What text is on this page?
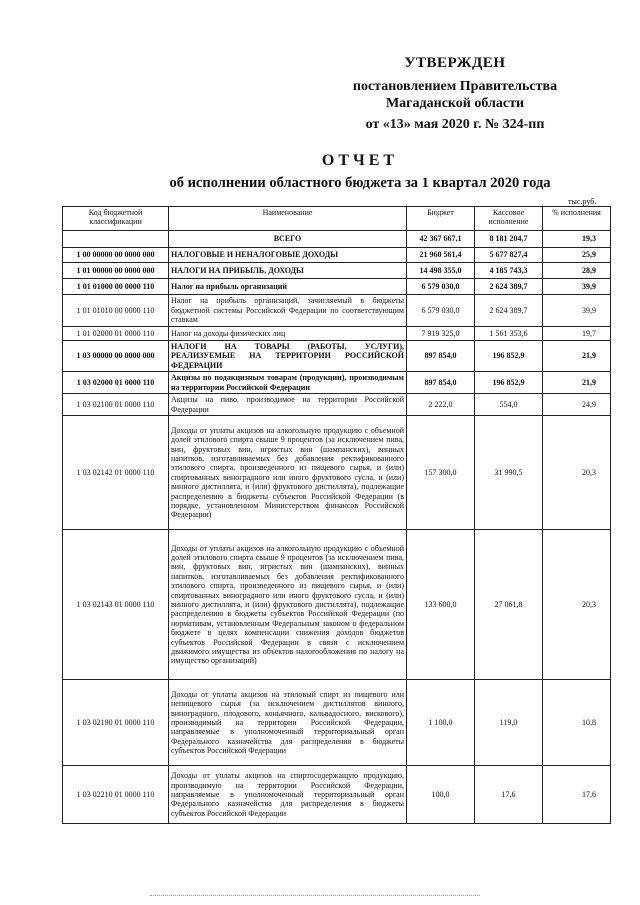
УТВЕРЖДЕН
постановлением Правительства
Магаданской области
от «13» мая 2020 г. № 324-пп
ОТЧЕТ
об исполнении областного бюджета за 1 квартал 2020 года
тыс.руб.
Код бюджетной классификации	Наименование	Бюджет	Кассовое исполнение	% исполнения
	ВСЕГО	42 367 667,1	8 181 204,7	19,3
1 00 00000 00 0000 000	НАЛОГОВЫЕ И НЕНАЛОГОВЫЕ ДОХОДЫ	21 960 561,4	5 677 827,4	25,9
1 01 00000 00 0000 000	НАЛОГИ НА ПРИБЫЛЬ, ДОХОДЫ	14 498 355,0	4 185 743,3	28,9
1 01 01000 00 0000 110	Налог на прибыль организаций	6 579 030,0	2 624 389,7	39,9
1 01 01010 00 0000 110	Налог на прибыль организаций, зачисляемый в бюджеты бюджетной системы Российской Федерации по соответствующим ставкам	6 579 030,0	2 624 389,7	39,9
1 01 02000 01 0000 110	Налог на доходы физических лиц	7 919 325,0	1 561 353,6	19,7
1 03 00000 00 0000 000	НАЛОГИ НА ТОВАРЫ (РАБОТЫ, УСЛУГИ), РЕАЛИЗУЕМЫЕ НА ТЕРРИТОРИИ РОССИЙСКОЙ ФЕДЕРАЦИИ	897 854,0	196 852,9	21,9
1 03 02000 01 0000 110	Акцизы по подакцизным товарам (продукции), производимым на территории Российской Федерации	897 854,0	196 852,9	21,9
1 03 02100 01 0000 110	Акцизы на пиво, производимое на территории Российской Федерации	2 222,0	554,0	24,9
1 03 02142 01 0000 110	Доходы от уплаты акцизов на алкогольную продукцию с объемной долей этилового спирта свыше 9 процентов (за исключением пива, вин, фруктовых вин, игристых вин (шампанских), винных напитков, изготавливаемых без добавления ректификованного этилового спирта, произведенного из пищевого сырья, и (или) спиртованных виноградного или иного фруктового сусла, и (или) винного дистиллята, и (или) фруктового дистиллята), подлежащие распределению в бюджеты субъектов Российской Федерации (в порядке, установленном Министерством финансов Российской Федерации)	157 300,0	31 990,5	20,3
1 03 02143 01 0000 110	Доходы от уплаты акцизов на алкогольную продукцию с объемной долей этилового спирта свыше 9 процентов (за исключением пива, вин, фруктовых вин, игристых вин (шампанских), винных напитков, изготавливаемых без добавления ректификованного этилового спирта, произведенного из пищевого сырья, и (или) спиртованных виноградного или иного фруктового сусла, и (или) винного дистиллята, и (или) фруктового дистиллята), подлежащие распределению в бюджеты субъектов Российской Федерации (по нормативам, установленным Федеральным законом о федеральном бюджете в целях компенсации снижения доходов бюджетов субъектов Российской Федерации в связи с исключением движимого имущества из объектов налогообложения по налогу на имущество организаций)	133 600,0	27 061,8	20,3
1 03 02190 01 0000 110	Доходы от уплаты акцизов на этиловый спирт из пищевого или непищевого сырья (за исключением дистиллятов винного, виноградного, плодового, коньячного, кальвадосного, вискового), производимый на территории Российской Федерации, направляемые в уполномоченный территориальный орган Федерального казначейства для распределения в бюджеты субъектов Российской Федерации	1 100,0	119,0	10,8
1 03 02210 01 0000 110	Доходы от уплаты акцизов на спиртосодержащую продукцию, производимую на территории Российской Федерации, направляемые в уполномоченный территориальный орган Федерального казначейства для распределения в бюджеты субъектов Российской Федерации	100,0	17,6	17,6
